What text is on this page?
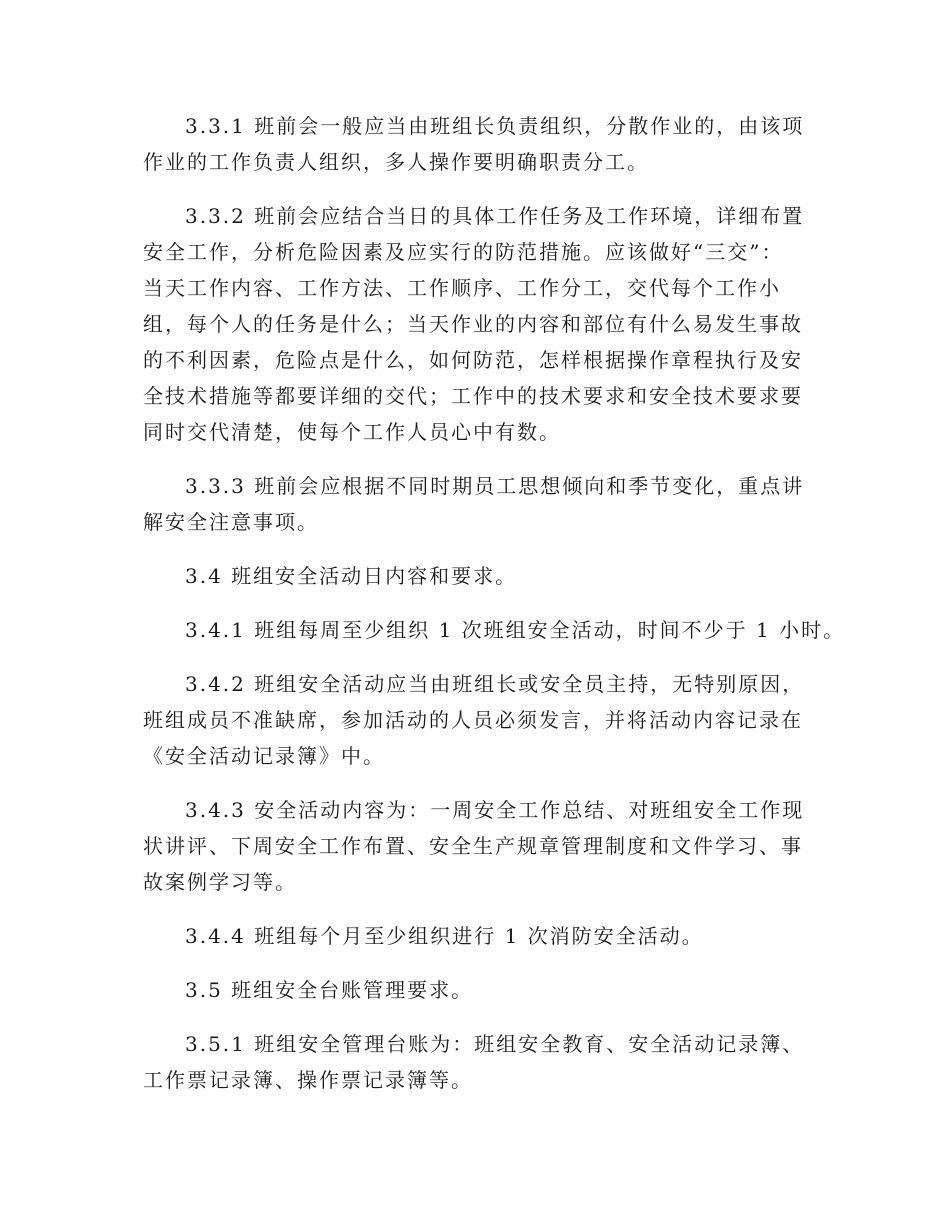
3.3.1 班前会一般应当由班组长负责组织，分散作业的，由该项
作业的工作负责人组织，多人操作要明确职责分工。
3.3.2 班前会应结合当日的具体工作任务及工作环境，详细布置
安全工作，分析危险因素及应实行的防范措施。应该做好“三交”：
当天工作内容、工作方法、工作顺序、工作分工，交代每个工作小
组，每个人的任务是什么；当天作业的内容和部位有什么易发生事故
的不利因素，危险点是什么，如何防范，怎样根据操作章程执行及安
全技术措施等都要详细的交代；工作中的技术要求和安全技术要求要
同时交代清楚，使每个工作人员心中有数。
3.3.3 班前会应根据不同时期员工思想倾向和季节变化，重点讲
解安全注意事项。
3.4 班组安全活动日内容和要求。
3.4.1 班组每周至少组织 1 次班组安全活动，时间不少于 1 小时。
3.4.2 班组安全活动应当由班组长或安全员主持，无特别原因，
班组成员不准缺席，参加活动的人员必须发言，并将活动内容记录在
《安全活动记录簿》中。
3.4.3 安全活动内容为：一周安全工作总结、对班组安全工作现
状讲评、下周安全工作布置、安全生产规章管理制度和文件学习、事
故案例学习等。
3.4.4 班组每个月至少组织进行 1 次消防安全活动。
3.5 班组安全台账管理要求。
3.5.1 班组安全管理台账为：班组安全教育、安全活动记录簿、
工作票记录簿、操作票记录簿等。
